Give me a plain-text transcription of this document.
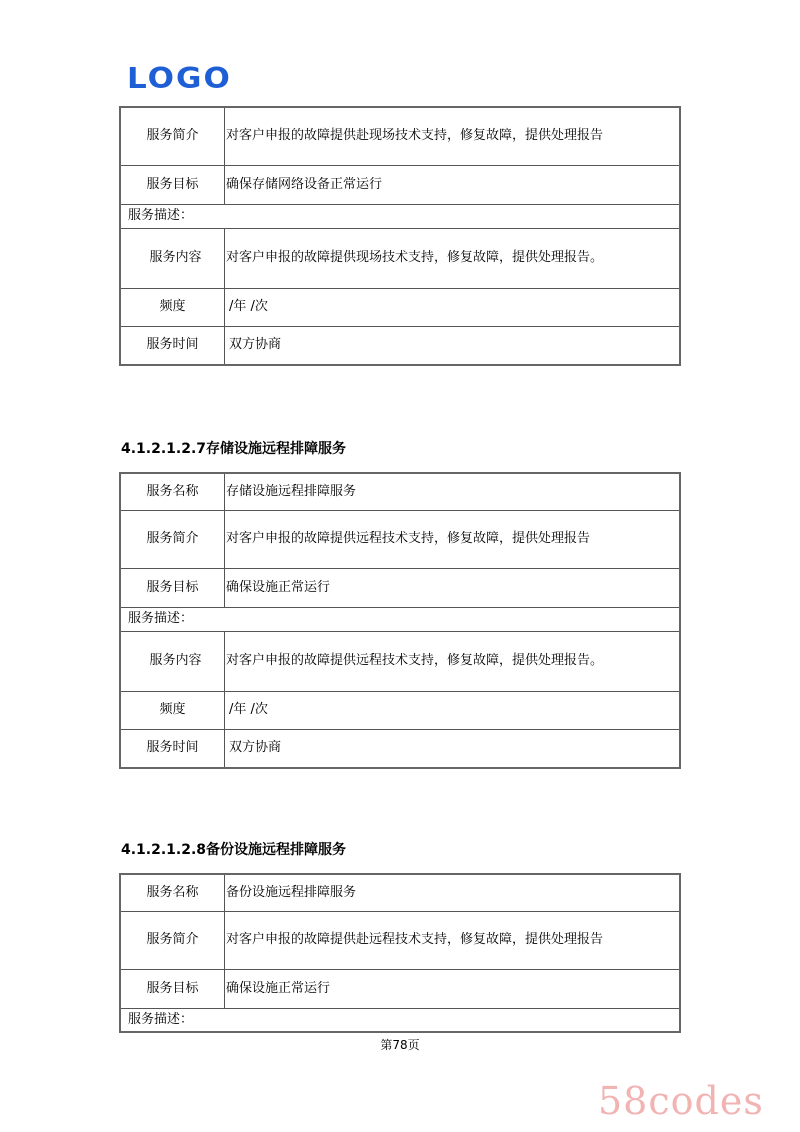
LOGO
服务简介	对客户申报的故障提供赴现场技术支持，修复故障，提供处理报告
服务目标	确保存储网络设备正常运行
服务描述：	
服务内容	对客户申报的故障提供现场技术支持，修复故障，提供处理报告。
频度	/年 /次
服务时间	双方协商
4.1.2.1.2.7存储设施远程排障服务
服务名称	存储设施远程排障服务
服务简介	对客户申报的故障提供远程技术支持，修复故障，提供处理报告
服务目标	确保设施正常运行
服务描述：	
服务内容	对客户申报的故障提供远程技术支持，修复故障，提供处理报告。
频度	/年 /次
服务时间	双方协商
4.1.2.1.2.8备份设施远程排障服务
服务名称	备份设施远程排障服务
服务简介	对客户申报的故障提供赴远程技术支持，修复故障，提供处理报告
服务目标	确保设施正常运行
服务描述：	
第78页
58codes
